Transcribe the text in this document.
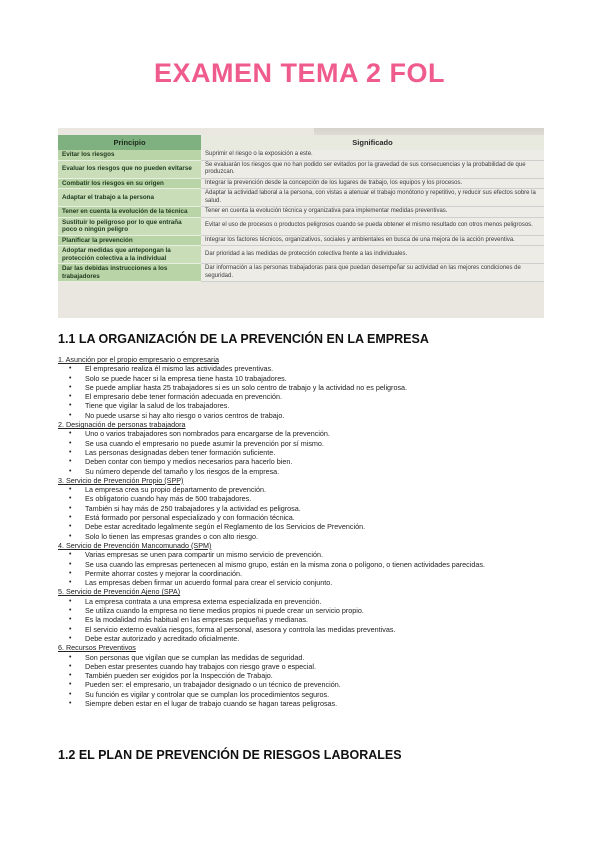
EXAMEN TEMA 2 FOL
Principio	Significado
Evitar los riesgos	Suprimir el riesgo o la exposición a este.
Evaluar los riesgos que no pueden evitarse	Se evaluarán los riesgos que no han podido ser evitados por la gravedad de sus consecuencias y la probabilidad de que produzcan.
Combatir los riesgos en su origen	Integrar la prevención desde la concepción de los lugares de trabajo, los equipos y los procesos.
Adaptar el trabajo a la persona	Adaptar la actividad laboral a la persona, con vistas a atenuar el trabajo monótono y repetitivo, y reducir sus efectos sobre la salud.
Tener en cuenta la evolución de la técnica	Tener en cuenta la evolución técnica y organizativa para implementar medidas preventivas.
Sustituir lo peligroso por lo que entraña poco o ningún peligro	Evitar el uso de procesos o productos peligrosos cuando se pueda obtener el mismo resultado con otros menos peligrosos.
Planificar la prevención	Integrar los factores técnicos, organizativos, sociales y ambientales en busca de una mejora de la acción preventiva.
Adoptar medidas que antepongan la protección colectiva a la individual	Dar prioridad a las medidas de protección colectiva frente a las individuales.
Dar las debidas instrucciones a los trabajadores	Dar información a las personas trabajadoras para que puedan desempeñar su actividad en las mejores condiciones de seguridad.
1.1 LA ORGANIZACIÓN DE LA PREVENCIÓN EN LA EMPRESA
1. Asunción por el propio empresario o empresaria
• El empresario realiza él mismo las actividades preventivas.
• Solo se puede hacer si la empresa tiene hasta 10 trabajadores.
• Se puede ampliar hasta 25 trabajadores si es un solo centro de trabajo y la actividad no es peligrosa.
• El empresario debe tener formación adecuada en prevención.
• Tiene que vigilar la salud de los trabajadores.
• No puede usarse si hay alto riesgo o varios centros de trabajo.
2. Designación de personas trabajadora
• Uno o varios trabajadores son nombrados para encargarse de la prevención.
• Se usa cuando el empresario no puede asumir la prevención por sí mismo.
• Las personas designadas deben tener formación suficiente.
• Deben contar con tiempo y medios necesarios para hacerlo bien.
• Su número depende del tamaño y los riesgos de la empresa.
3. Servicio de Prevención Propio (SPP)
• La empresa crea su propio departamento de prevención.
• Es obligatorio cuando hay más de 500 trabajadores.
• También si hay más de 250 trabajadores y la actividad es peligrosa.
• Está formado por personal especializado y con formación técnica.
• Debe estar acreditado legalmente según el Reglamento de los Servicios de Prevención.
• Solo lo tienen las empresas grandes o con alto riesgo.
4. Servicio de Prevención Mancomunado (SPM)
• Varias empresas se unen para compartir un mismo servicio de prevención.
• Se usa cuando las empresas pertenecen al mismo grupo, están en la misma zona o polígono, o tienen actividades parecidas.
• Permite ahorrar costes y mejorar la coordinación.
• Las empresas deben firmar un acuerdo formal para crear el servicio conjunto.
5. Servicio de Prevención Ajeno (SPA)
• La empresa contrata a una empresa externa especializada en prevención.
• Se utiliza cuando la empresa no tiene medios propios ni puede crear un servicio propio.
• Es la modalidad más habitual en las empresas pequeñas y medianas.
• El servicio externo evalúa riesgos, forma al personal, asesora y controla las medidas preventivas.
• Debe estar autorizado y acreditado oficialmente.
6. Recursos Preventivos
• Son personas que vigilan que se cumplan las medidas de seguridad.
• Deben estar presentes cuando hay trabajos con riesgo grave o especial.
• También pueden ser exigidos por la Inspección de Trabajo.
• Pueden ser: el empresario, un trabajador designado o un técnico de prevención.
• Su función es vigilar y controlar que se cumplan los procedimientos seguros.
• Siempre deben estar en el lugar de trabajo cuando se hagan tareas peligrosas.
1.2 EL PLAN DE PREVENCIÓN DE RIESGOS LABORALES
